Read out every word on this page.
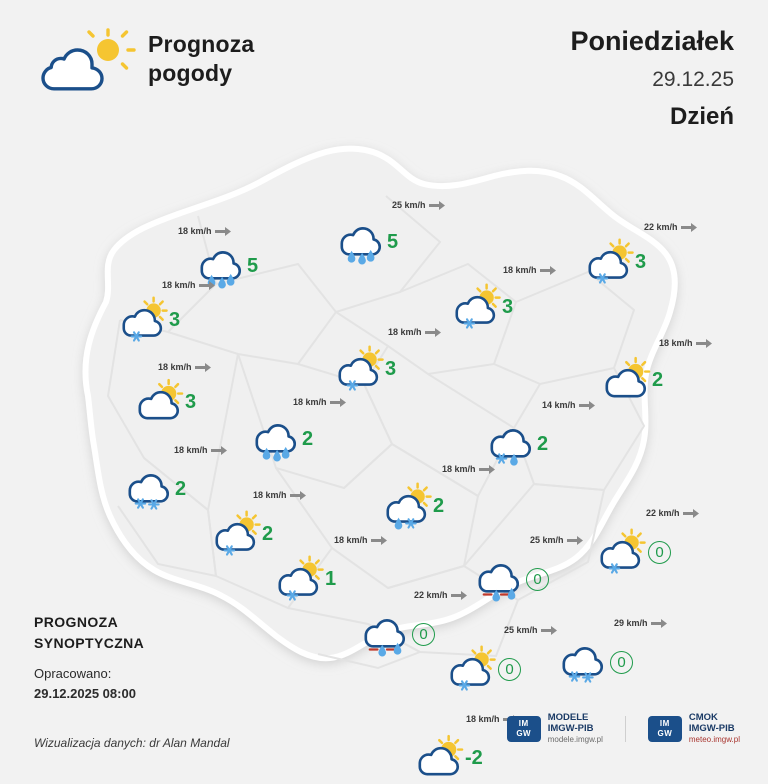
Prognoza
pogody
Poniedziałek
29.12.25
Dzień
5
18 km/h	5
25 km/h
3
22 km/h
3
18 km/h
3
18 km/h
3
18 km/h
2
18 km/h
3
18 km/h
2
18 km/h
2
14 km/h
2
18 km/h
2
18 km/h
2
18 km/h
0
22 km/h
1
18 km/h
0
25 km/h
0
22 km/h
0
29 km/h
0
25 km/h
-2
18 km/h
PROGNOZA
SYNOPTYCZNA
Opracowano:
29.12.2025 08:00
Wizualizacja danych: dr Alan Mandal
IM
GW
MODELE
IMGW-PIB
modele.imgw.pl
IM
GW
CMOK
IMGW-PIB
meteo.imgw.pl
